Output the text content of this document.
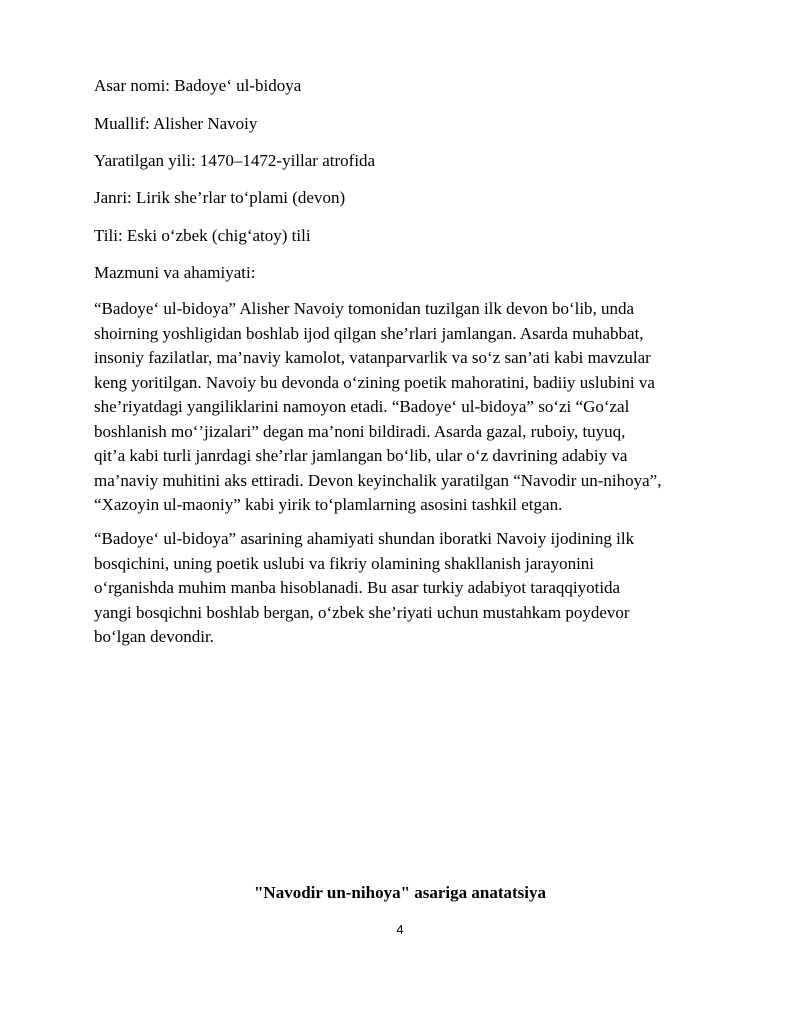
Asar nomi: Badoye‘ ul-bidoya
Muallif: Alisher Navoiy
Yaratilgan yili: 1470–1472-yillar atrofida
Janri: Lirik she’rlar to‘plami (devon)
Tili: Eski o‘zbek (chig‘atoy) tili
Mazmuni va ahamiyati:
“Badoye‘ ul-bidoya” Alisher Navoiy tomonidan tuzilgan ilk devon bo‘lib, unda
shoirning yoshligidan boshlab ijod qilgan she’rlari jamlangan. Asarda muhabbat,
insoniy fazilatlar, ma’naviy kamolot, vatanparvarlik va so‘z san’ati kabi mavzular
keng yoritilgan. Navoiy bu devonda o‘zining poetik mahoratini, badiiy uslubini va
she’riyatdagi yangiliklarini namoyon etadi. “Badoye‘ ul-bidoya” so‘zi “Go‘zal
boshlanish mo‘’jizalari” degan ma’noni bildiradi. Asarda gazal, ruboiy, tuyuq,
qit’a kabi turli janrdagi she’rlar jamlangan bo‘lib, ular o‘z davrining adabiy va
ma’naviy muhitini aks ettiradi. Devon keyinchalik yaratilgan “Navodir un-nihoya”,
“Xazoyin ul-maoniy” kabi yirik to‘plamlarning asosini tashkil etgan.
“Badoye‘ ul-bidoya” asarining ahamiyati shundan iboratki Navoiy ijodining ilk
bosqichini, uning poetik uslubi va fikriy olamining shakllanish jarayonini
o‘rganishda muhim manba hisoblanadi. Bu asar turkiy adabiyot taraqqiyotida
yangi bosqichni boshlab bergan, o‘zbek she’riyati uchun mustahkam poydevor
bo‘lgan devondir.
"Navodir un-nihoya" asariga anatatsiya
4
